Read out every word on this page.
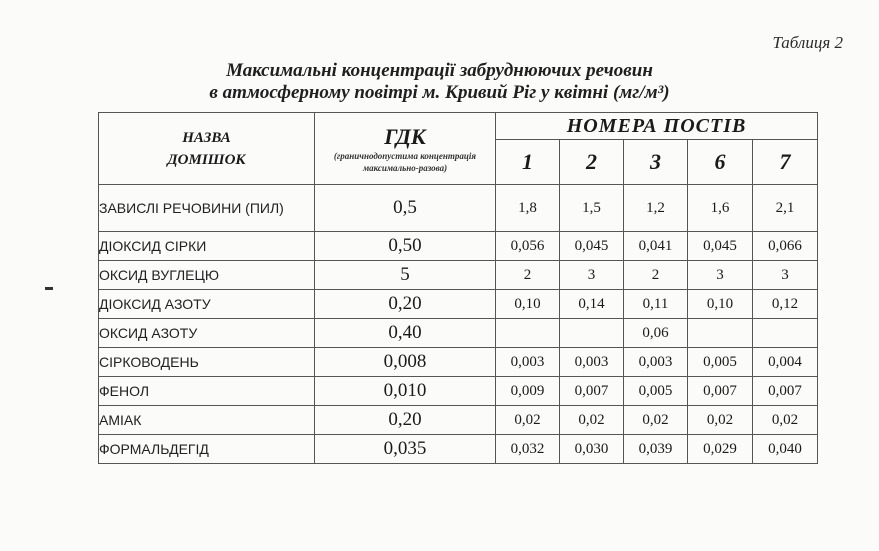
Таблиця 2
Максимальні концентрації забруднюючих речовин
в атмосферному повітрі м. Кривий Ріг у квітні (мг/м³)
НАЗВА
ДОМІШОК	ГДК
(граничнодопустима концентрація максимально-разова)	НОМЕРА ПОСТІВ				
		1	2	3	6	7
ЗАВИСЛІ РЕЧОВИНИ (ПИЛ)	0,5	1,8	1,5	1,2	1,6	2,1
ДІОКСИД СІРКИ	0,50	0,056	0,045	0,041	0,045	0,066
ОКСИД ВУГЛЕЦЮ	5	2	3	2	3	3
ДІОКСИД АЗОТУ	0,20	0,10	0,14	0,11	0,10	0,12
ОКСИД АЗОТУ	0,40			0,06		
СІРКОВОДЕНЬ	0,008	0,003	0,003	0,003	0,005	0,004
ФЕНОЛ	0,010	0,009	0,007	0,005	0,007	0,007
АМІАК	0,20	0,02	0,02	0,02	0,02	0,02
ФОРМАЛЬДЕГІД	0,035	0,032	0,030	0,039	0,029	0,040
